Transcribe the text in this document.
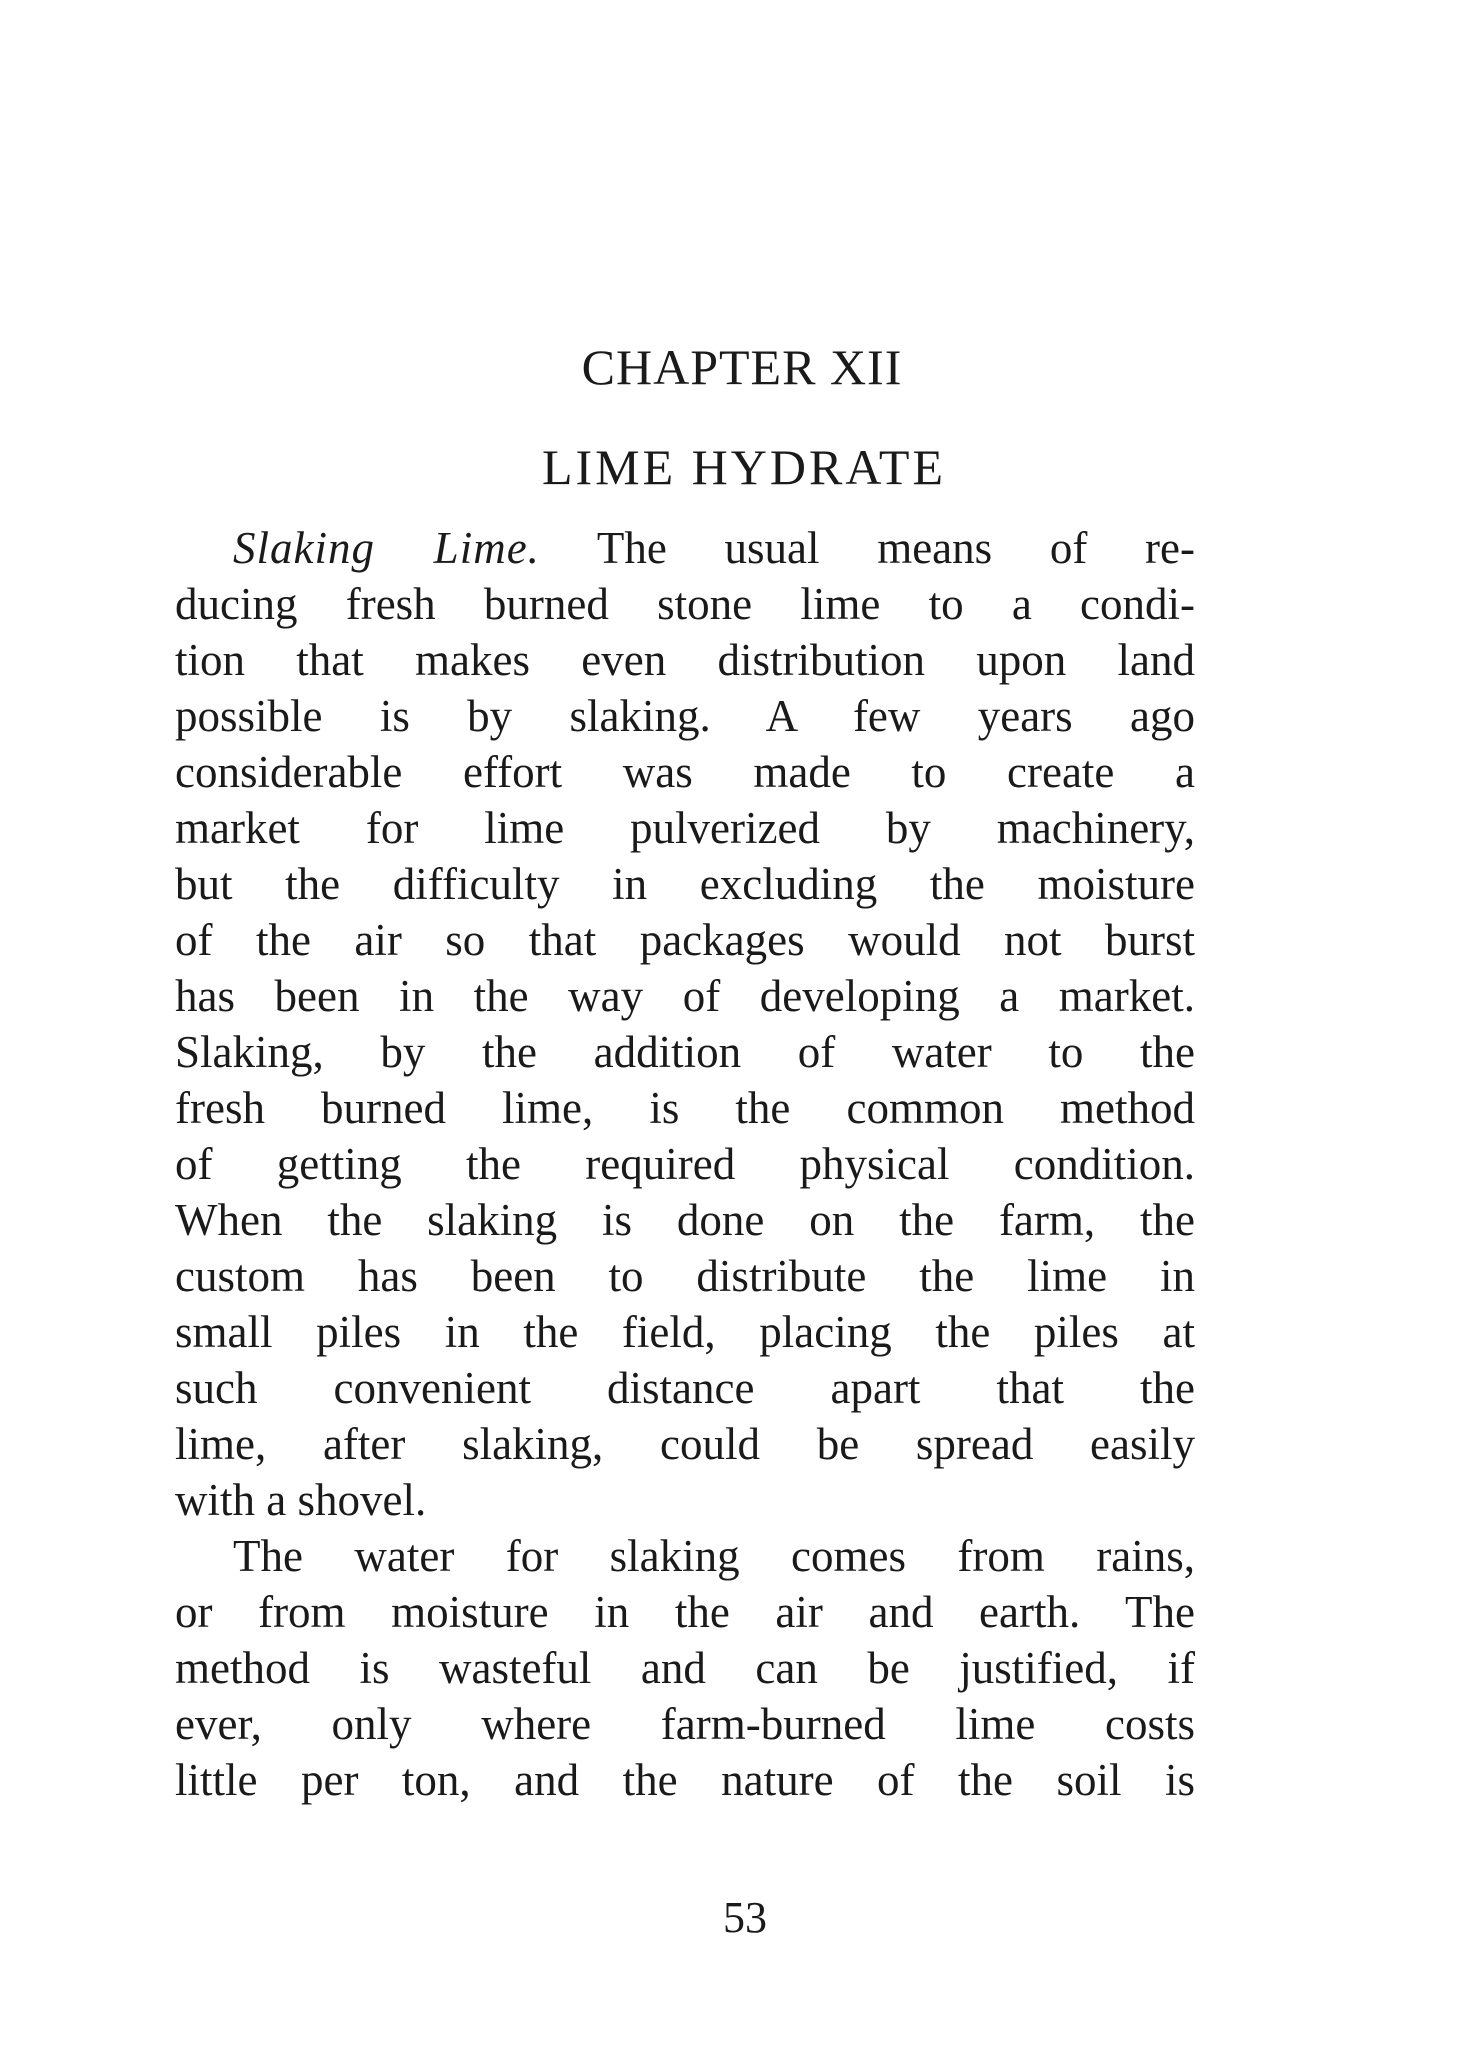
CHAPTER XII
LIME HYDRATE

Slaking Lime. The usual means of re-
ducing fresh burned stone lime to a condi-
tion that makes even distribution upon land
possible is by slaking. A few years ago
considerable effort was made to create a
market for lime pulverized by machinery,
but the difficulty in excluding the moisture
of the air so that packages would not burst
has been in the way of developing a market.
Slaking, by the addition of water to the
fresh burned lime, is the common method
of getting the required physical condition.
When the slaking is done on the farm, the
custom has been to distribute the lime in
small piles in the field, placing the piles at
such convenient distance apart that the
lime, after slaking, could be spread easily
with a shovel.

The water for slaking comes from rains,
or from moisture in the air and earth. The
method is wasteful and can be justified, if
ever, only where farm-burned lime costs
little per ton, and the nature of the soil is

53
